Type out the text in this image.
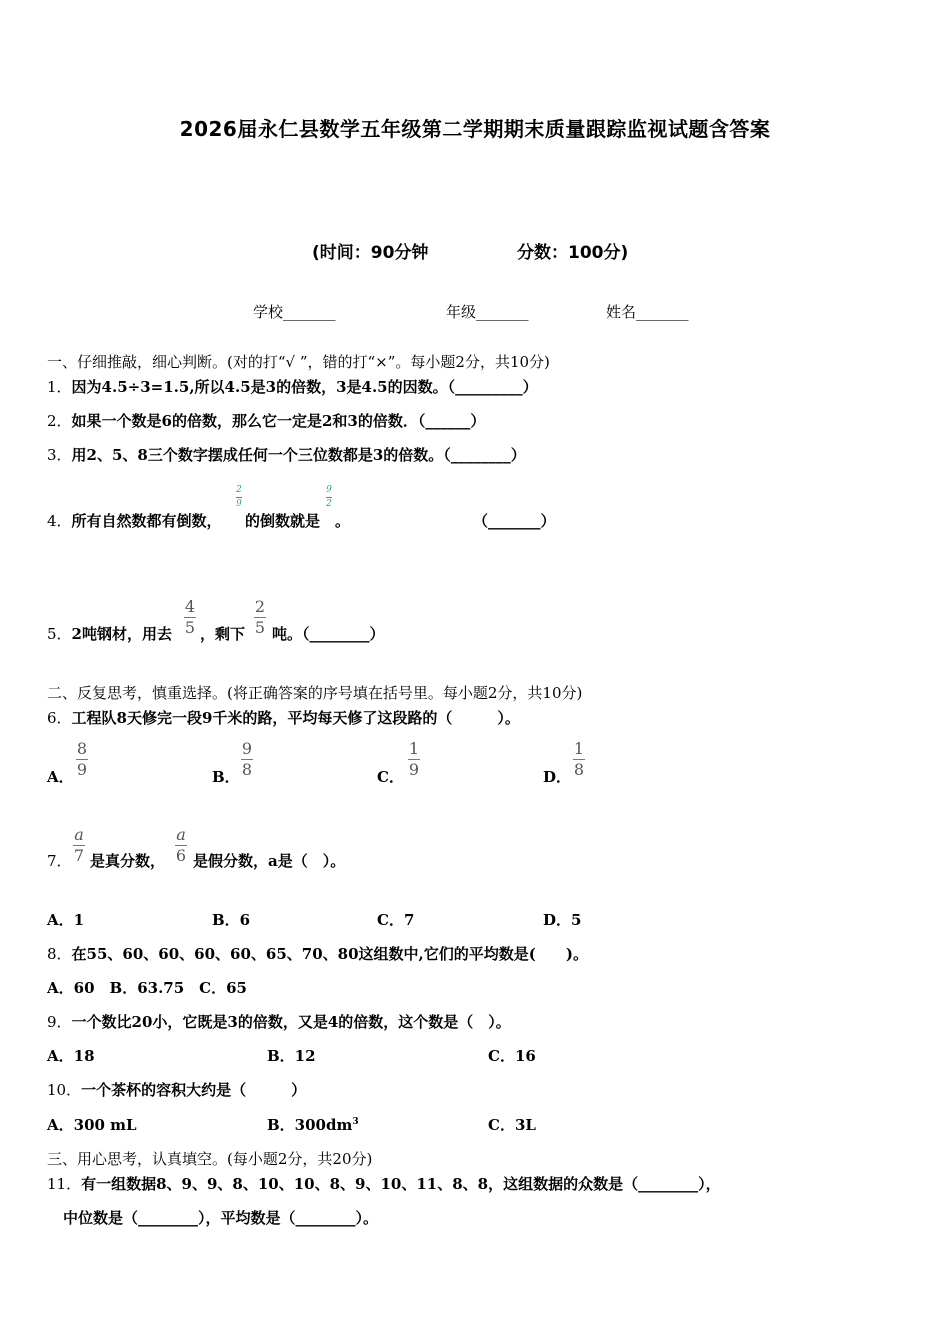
2026届永仁县数学五年级第二学期期末质量跟踪监视试题含答案
(时间：90分钟	分数：100分)
学校_______	年级_______	姓名_______
一、仔细推敲，细心判断。(对的打“√ ”，错的打“×”。每小题2分，共10分)
1．因为4.5÷3=1.5,所以4.5是3的倍数，3是4.5的因数。（_________）
2．如果一个数是6的倍数，那么它一定是2和3的倍数．（______）
3．用2、5、8三个数字摆成任何一个三位数都是3的倍数。（________）
4．所有自然数都有倒数，
2
9
的倒数就是
9
2
。	（_______）
5．2吨钢材，用去
4
5 ，剩下
2
5 吨。（________）
二、反复思考，慎重选择。(将正确答案的序号填在括号里。每小题2分，共10分)
6．工程队8天修完一段9千米的路，平均每天修了这段路的（　　　）。
A．
8
9	B．
9
8	C．
1
9	D．
1
8
7．
a
7 是真分数，
a
6 是假分数，a是（　）。
A．1	B．6	C．7	D．5
8．在55、60、60、60、60、65、70、80这组数中,它们的平均数是(　　)。
A．60　B．63.75　C．65
9．一个数比20小，它既是3的倍数，又是4的倍数，这个数是（　）。
A．18	B．12	C．16
10．一个茶杯的容积大约是（　　　）
A．300 mL	B．$300dm^3$	C．3L
三、用心思考，认真填空。(每小题2分，共20分)
11．有一组数据8、9、9、8、10、10、8、9、10、11、8、8，这组数据的众数是（________），
中位数是（________），平均数是（________）。
